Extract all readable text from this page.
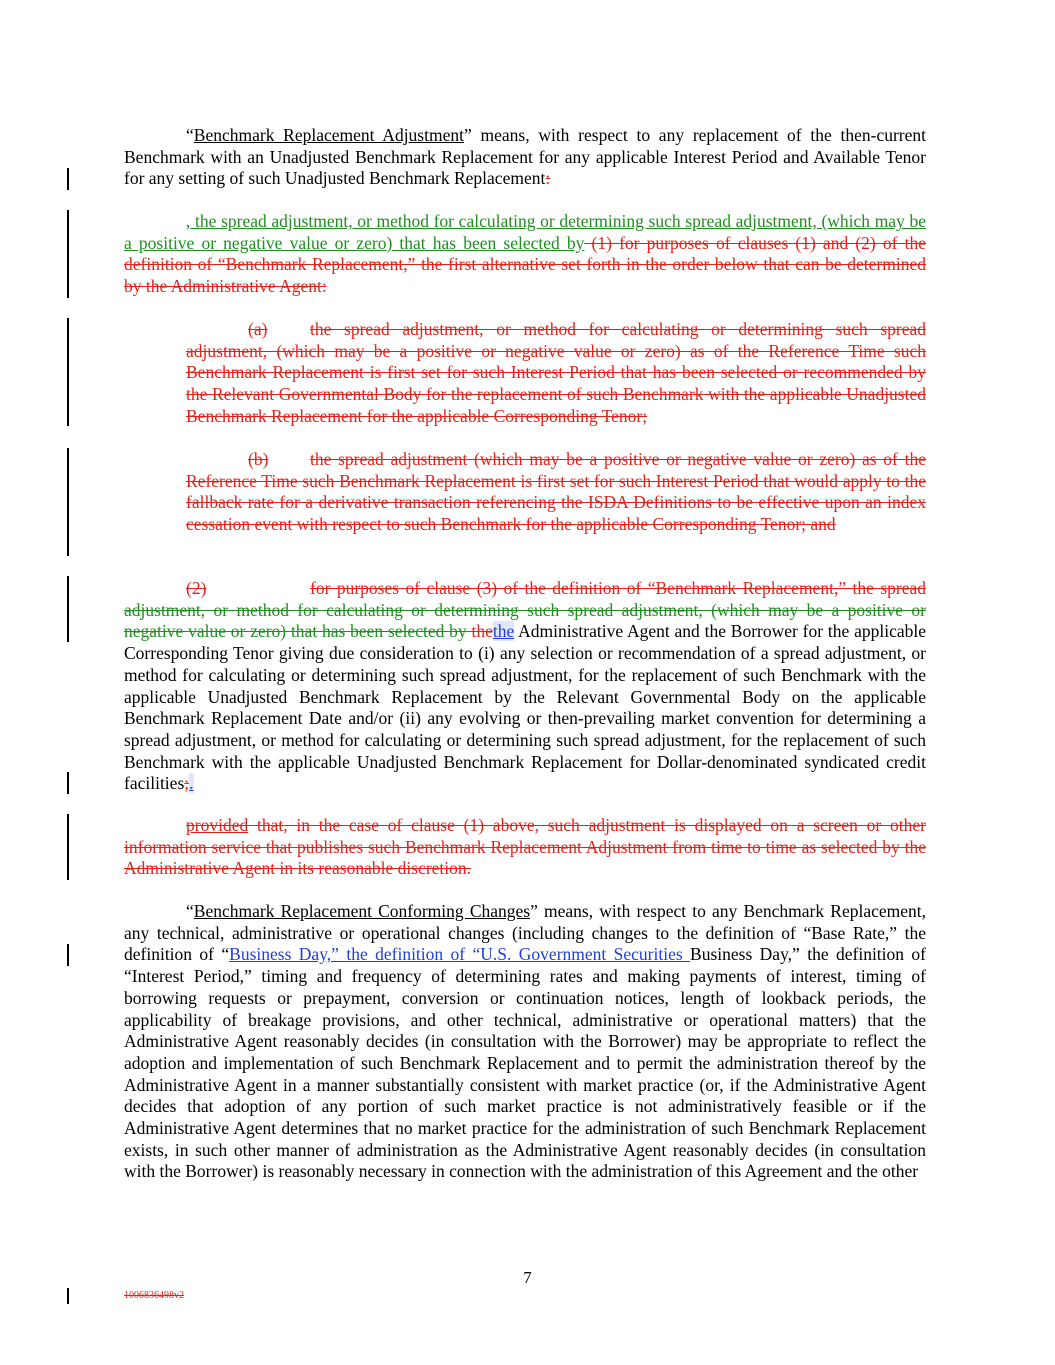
“Benchmark Replacement Adjustment” means, with respect to any replacement of the then-current Benchmark with an Unadjusted Benchmark Replacement for any applicable Interest Period and Available Tenor for any setting of such Unadjusted Benchmark Replacement:

, the spread adjustment, or method for calculating or determining such spread adjustment, (which may be a positive or negative value or zero) that has been selected by (1) for purposes of clauses (1) and (2) of the definition of “Benchmark Replacement,” the first alternative set forth in the order below that can be determined by the Administrative Agent:

(a) the spread adjustment, or method for calculating or determining such spread adjustment, (which may be a positive or negative value or zero) as of the Reference Time such Benchmark Replacement is first set for such Interest Period that has been selected or recommended by the Relevant Governmental Body for the replacement of such Benchmark with the applicable Unadjusted Benchmark Replacement for the applicable Corresponding Tenor;

(b) the spread adjustment (which may be a positive or negative value or zero) as of the Reference Time such Benchmark Replacement is first set for such Interest Period that would apply to the fallback rate for a derivative transaction referencing the ISDA Definitions to be effective upon an index cessation event with respect to such Benchmark for the applicable Corresponding Tenor; and

(2)	for purposes of clause (3) of the definition of “Benchmark Replacement,” the spread adjustment, or method for calculating or determining such spread adjustment, (which may be a positive or negative value or zero) that has been selected by thethe Administrative Agent and the Borrower for the applicable Corresponding Tenor giving due consideration to (i) any selection or recommendation of a spread adjustment, or method for calculating or determining such spread adjustment, for the replacement of such Benchmark with the applicable Unadjusted Benchmark Replacement by the Relevant Governmental Body on the applicable Benchmark Replacement Date and/or (ii) any evolving or then-prevailing market convention for determining a spread adjustment, or method for calculating or determining such spread adjustment, for the replacement of such Benchmark with the applicable Unadjusted Benchmark Replacement for Dollar-denominated syndicated credit facilities;.

provided that, in the case of clause (1) above, such adjustment is displayed on a screen or other information service that publishes such Benchmark Replacement Adjustment from time to time as selected by the Administrative Agent in its reasonable discretion.

“Benchmark Replacement Conforming Changes” means, with respect to any Benchmark Replacement, any technical, administrative or operational changes (including changes to the definition of “Base Rate,” the definition of “Business Day,” the definition of “U.S. Government Securities Business Day,” the definition of “Interest Period,” timing and frequency of determining rates and making payments of interest, timing of borrowing requests or prepayment, conversion or continuation notices, length of lookback periods, the applicability of breakage provisions, and other technical, administrative or operational matters) that the Administrative Agent reasonably decides (in consultation with the Borrower) may be appropriate to reflect the adoption and implementation of such Benchmark Replacement and to permit the administration thereof by the Administrative Agent in a manner substantially consistent with market practice (or, if the Administrative Agent decides that adoption of any portion of such market practice is not administratively feasible or if the Administrative Agent determines that no market practice for the administration of such Benchmark Replacement exists, in such other manner of administration as the Administrative Agent reasonably decides (in consultation with the Borrower) is reasonably necessary in connection with the administration of this Agreement and the other

7
1006836498v2
